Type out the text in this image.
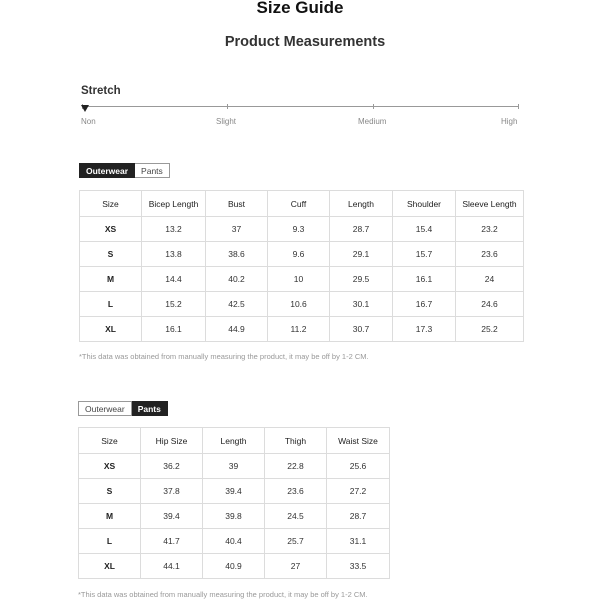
Size Guide
Product Measurements
Stretch
Non	Slight	Medium	High
Outerwear	Pants
Size	Bicep Length	Bust	Cuff	Length	Shoulder	Sleeve Length
XS	13.2	37	9.3	28.7	15.4	23.2
S	13.8	38.6	9.6	29.1	15.7	23.6
M	14.4	40.2	10	29.5	16.1	24
L	15.2	42.5	10.6	30.1	16.7	24.6
XL	16.1	44.9	11.2	30.7	17.3	25.2
*This data was obtained from manually measuring the product, it may be off by 1-2 CM.
Outerwear	Pants
Size	Hip Size	Length	Thigh	Waist Size
XS	36.2	39	22.8	25.6
S	37.8	39.4	23.6	27.2
M	39.4	39.8	24.5	28.7
L	41.7	40.4	25.7	31.1
XL	44.1	40.9	27	33.5
*This data was obtained from manually measuring the product, it may be off by 1-2 CM.
